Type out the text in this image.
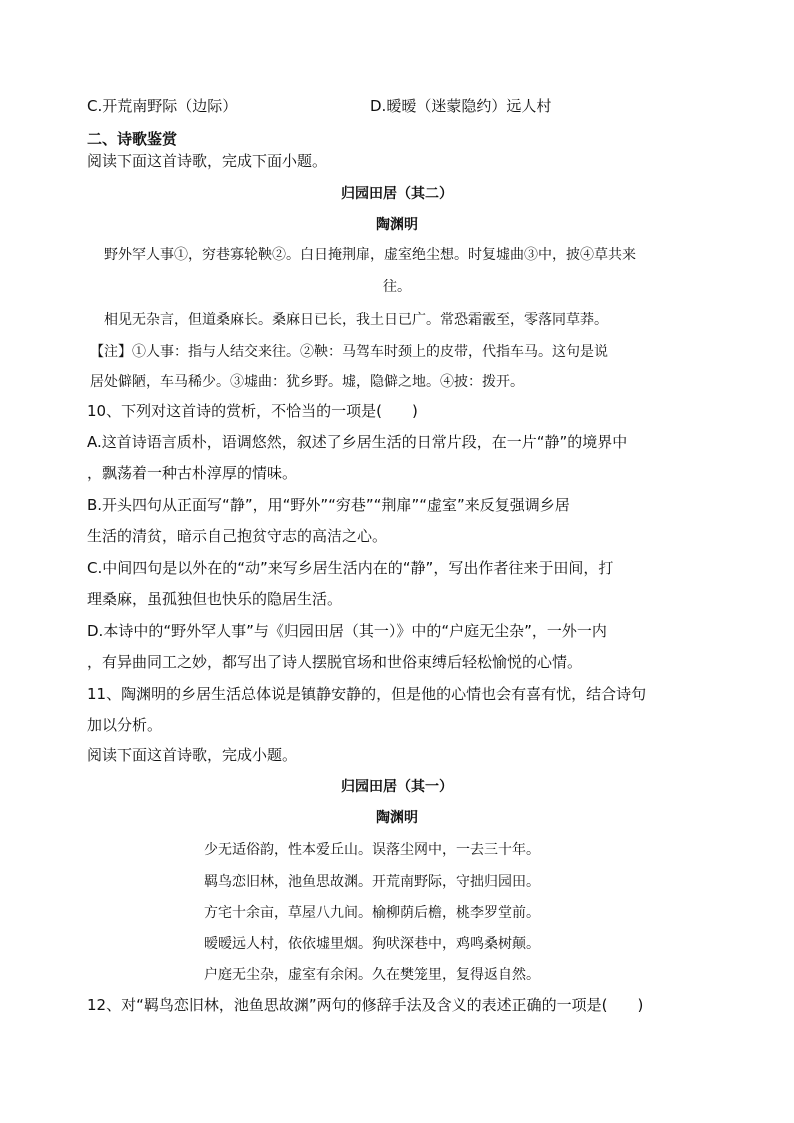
C.开荒南野际（边际）	D.暧暧（迷蒙隐约）远人村
二、诗歌鉴赏
阅读下面这首诗歌，完成下面小题。
归园田居（其二）
陶渊明
野外罕人事①，穷巷寡轮鞅②。白日掩荆扉，虚室绝尘想。时复墟曲③中，披④草共来
往。
相见无杂言，但道桑麻长。桑麻日已长，我土日已广。常恐霜霰至，零落同草莽。
【注】①人事：指与人结交来往。②鞅：马驾车时颈上的皮带，代指车马。这句是说
居处僻陋，车马稀少。③墟曲：犹乡野。墟，隐僻之地。④披：拨开。
10、下列对这首诗的赏析，不恰当的一项是(　　)
A.这首诗语言质朴，语调悠然，叙述了乡居生活的日常片段，在一片“静”的境界中
，飘荡着一种古朴淳厚的情味。
B.开头四句从正面写“静”，用“野外”“穷巷”“荆扉”“虚室”来反复强调乡居
生活的清贫，暗示自己抱贫守志的高洁之心。
C.中间四句是以外在的“动”来写乡居生活内在的“静”，写出作者往来于田间，打
理桑麻，虽孤独但也快乐的隐居生活。
D.本诗中的“野外罕人事”与《归园田居（其一）》中的“户庭无尘杂”，一外一内
，有异曲同工之妙，都写出了诗人摆脱官场和世俗束缚后轻松愉悦的心情。
11、陶渊明的乡居生活总体说是镇静安静的，但是他的心情也会有喜有忧，结合诗句
加以分析。
阅读下面这首诗歌，完成小题。
归园田居（其一）
陶渊明
少无适俗韵，性本爱丘山。误落尘网中，一去三十年。
羁鸟恋旧林，池鱼思故渊。开荒南野际，守拙归园田。
方宅十余亩，草屋八九间。榆柳荫后檐，桃李罗堂前。
暧暧远人村，依依墟里烟。狗吠深巷中，鸡鸣桑树颠。
户庭无尘杂，虚室有余闲。久在樊笼里，复得返自然。
12、对“羁鸟恋旧林，池鱼思故渊”两句的修辞手法及含义的表述正确的一项是(　　)
